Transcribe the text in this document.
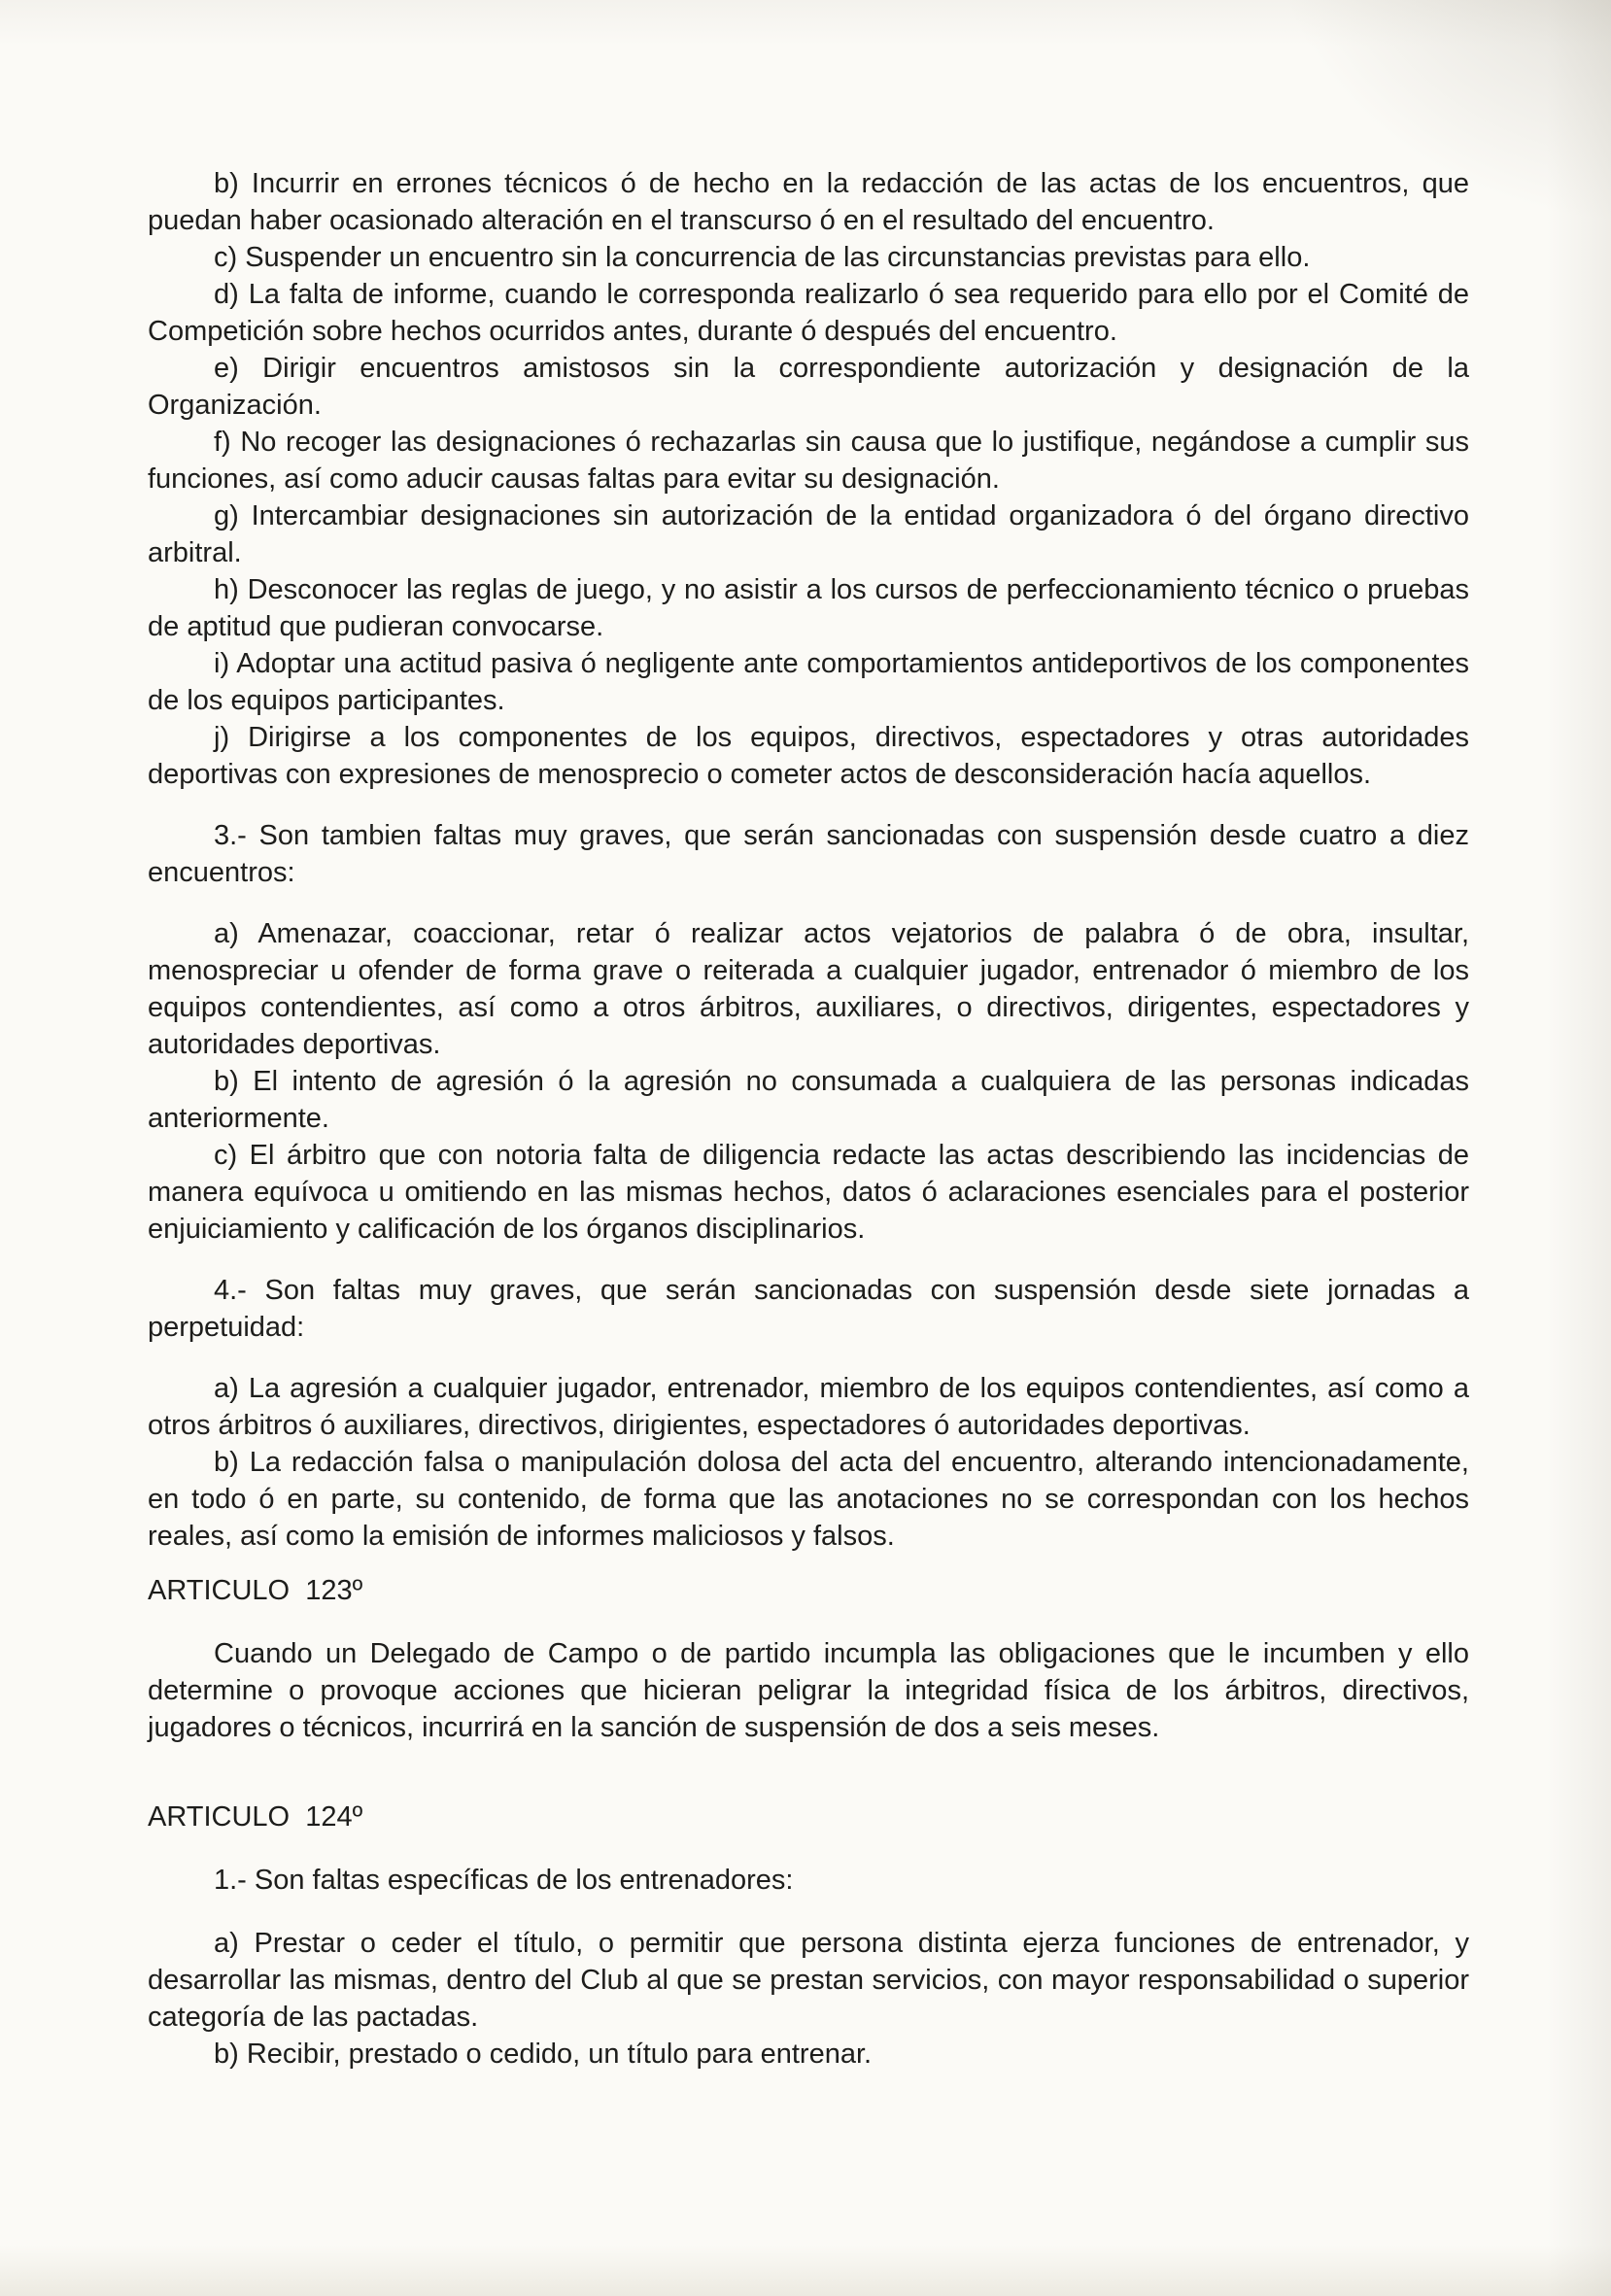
b) Incurrir en errones técnicos ó de hecho en la redacción de las actas de los encuentros, que puedan haber ocasionado alteración en el transcurso ó en el resultado del encuentro.

c) Suspender un encuentro sin la concurrencia de las circunstancias previstas para ello.

d) La falta de informe, cuando le corresponda realizarlo ó sea requerido para ello por el Comité de Competición sobre hechos ocurridos antes, durante ó después del encuentro.

e) Dirigir encuentros amistosos sin la correspondiente autorización y designación de la Organización.

f) No recoger las designaciones ó rechazarlas sin causa que lo justifique, negándose a cumplir sus funciones, así como aducir causas faltas para evitar su designación.

g) Intercambiar designaciones sin autorización de la entidad organizadora ó del órgano directivo arbitral.

h) Desconocer las reglas de juego, y no asistir a los cursos de perfeccionamiento técnico o pruebas de aptitud que pudieran convocarse.

i) Adoptar una actitud pasiva ó negligente ante comportamientos antideportivos de los componentes de los equipos participantes.

j) Dirigirse a los componentes de los equipos, directivos, espectadores y otras autoridades deportivas con expresiones de menosprecio o cometer actos de desconsideración hacía aquellos.

3.- Son tambien faltas muy graves, que serán sancionadas con suspensión desde cuatro a diez encuentros:

a) Amenazar, coaccionar, retar ó realizar actos vejatorios de palabra ó de obra, insultar, menospreciar u ofender de forma grave o reiterada a cualquier jugador, entrenador ó miembro de los equipos contendientes, así como a otros árbitros, auxiliares, o directivos, dirigentes, espectadores y autoridades deportivas.

b) El intento de agresión ó la agresión no consumada a cualquiera de las personas indicadas anteriormente.

c) El árbitro que con notoria falta de diligencia redacte las actas describiendo las incidencias de manera equívoca u omitiendo en las mismas hechos, datos ó aclaraciones esenciales para el posterior enjuiciamiento y calificación de los órganos disciplinarios.

4.- Son faltas muy graves, que serán sancionadas con suspensión desde siete jornadas a perpetuidad:

a) La agresión a cualquier jugador, entrenador, miembro de los equipos contendientes, así como a otros árbitros ó auxiliares, directivos, dirigientes, espectadores ó autoridades deportivas.

b) La redacción falsa o manipulación dolosa del acta del encuentro, alterando intencionadamente, en todo ó en parte, su contenido, de forma que las anotaciones no se correspondan con los hechos reales, así como la emisión de informes maliciosos y falsos.

ARTICULO  123º

Cuando un Delegado de Campo o de partido incumpla las obligaciones que le incumben y ello determine o provoque acciones que hicieran peligrar la integridad física de los árbitros, directivos, jugadores o técnicos, incurrirá en la sanción de suspensión de dos a seis meses.

ARTICULO  124º

1.- Son faltas específicas de los entrenadores:

a) Prestar o ceder el título, o permitir que persona distinta ejerza funciones de entrenador, y desarrollar las mismas, dentro del Club al que se prestan servicios, con mayor responsabilidad o superior categoría de las pactadas.

b) Recibir, prestado o cedido, un título para entrenar.
